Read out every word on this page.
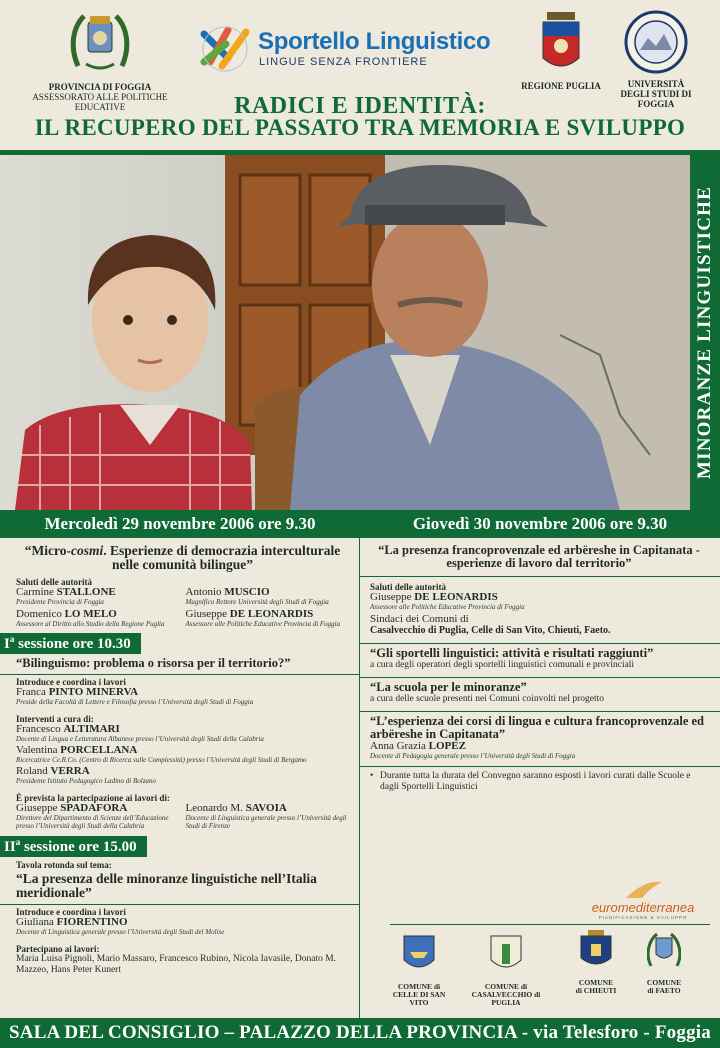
PROVINCIA DI FOGGIA
ASSESSORATO ALLE POLITICHE EDUCATIVE
Sportello Linguistico
LINGUE SENZA FRONTIERE
REGIONE PUGLIA	UNIVERSITÀ
DEGLI STUDI DI FOGGIA
RADICI E IDENTITÀ:
IL RECUPERO DEL PASSATO TRA MEMORIA E SVILUPPO
·	MINORANZE LINGUISTICHE
Mercoledì 29 novembre 2006 ore 9.30	Giovedì 30 novembre 2006 ore 9.30
“Micro-cosmi. Esperienze di democrazia interculturale nelle comunità bilingue”
Saluti delle autorità
Carmine STALLONE
Presidente Provincia di Foggia
Antonio MUSCIO
Magnifico Rettore Università degli Studi di Foggia
Domenico LO MELO
Assessore al Diritto allo Studio della Regione Puglia
Giuseppe DE LEONARDIS
Assessore alle Politiche Educative Provincia di Foggia
$I^a$ sessione ore 10.30
“Bilinguismo: problema o risorsa per il territorio?”
Introduce e coordina i lavori
Franca PINTO MINERVA
Preside della Facoltà di Lettere e Filosofia presso l’Università degli Studi di Foggia
Interventi a cura di:
Francesco ALTIMARI
Docente di Lingua e Letteratura Albanese presso l’Università degli Studi della Calabria
Valentina PORCELLANA
Ricercatrice Ce.R.Co. (Centro di Ricerca sulle Complessità) presso l’Università degli Studi di Bergamo
Roland VERRA
Presidente Istituto Pedagogico Ladino di Bolzano
È prevista la partecipazione ai lavori di:
Giuseppe SPADAFORA
Direttore del Dipartimento di Scienze dell’Educazione presso l’Università degli Studi della Calabria
Leonardo M. SAVOIA
Docente di Linguistica generale presso l’Università degli Studi di Firenze
$II^a$ sessione ore 15.00
Tavola rotonda sul tema:
“La presenza delle minoranze linguistiche nell’Italia meridionale”
Introduce e coordina i lavori
Giuliana FIORENTINO
Docente di Linguistica generale presso l’Università degli Studi del Molise
Partecipano ai lavori:
Maria Luisa Pignoli, Mario Massaro, Francesco Rubino, Nicola Iavasile, Donato M. Mazzeo, Hans Peter Kunert
“La presenza francoprovenzale ed arbëreshe in Capitanata - esperienze di lavoro dal territorio”
Saluti delle autorità
Giuseppe DE LEONARDIS
Assessore alle Politiche Educative Provincia di Foggia
Sindaci dei Comuni di
Casalvecchio di Puglia, Celle di San Vito, Chieuti, Faeto.
“Gli sportelli linguistici: attività e risultati raggiunti”
a cura degli operatori degli sportelli linguistici comunali e provinciali
“La scuola per le minoranze”
a cura delle scuole presenti nei Comuni coinvolti nel progetto
“L’esperienza dei corsi di lingua e cultura francoprovenzale ed arbëreshe in Capitanata”
Anna Grazia LOPEZ
Docente di Pedagogia generale presso l’Università degli Studi di Foggia
• Durante tutta la durata del Convegno saranno esposti i lavori curati dalle Scuole e dagli Sportelli Linguistici
euromediterranea
PIANIFICAZIONE & SVILUPPO
COMUNE di
CELLE DI SAN VITO
COMUNE di
CASALVECCHIO di PUGLIA
COMUNE
di CHIEUTI
COMUNE
di FAETO
SALA DEL CONSIGLIO – PALAZZO DELLA PROVINCIA - via Telesforo - Foggia
